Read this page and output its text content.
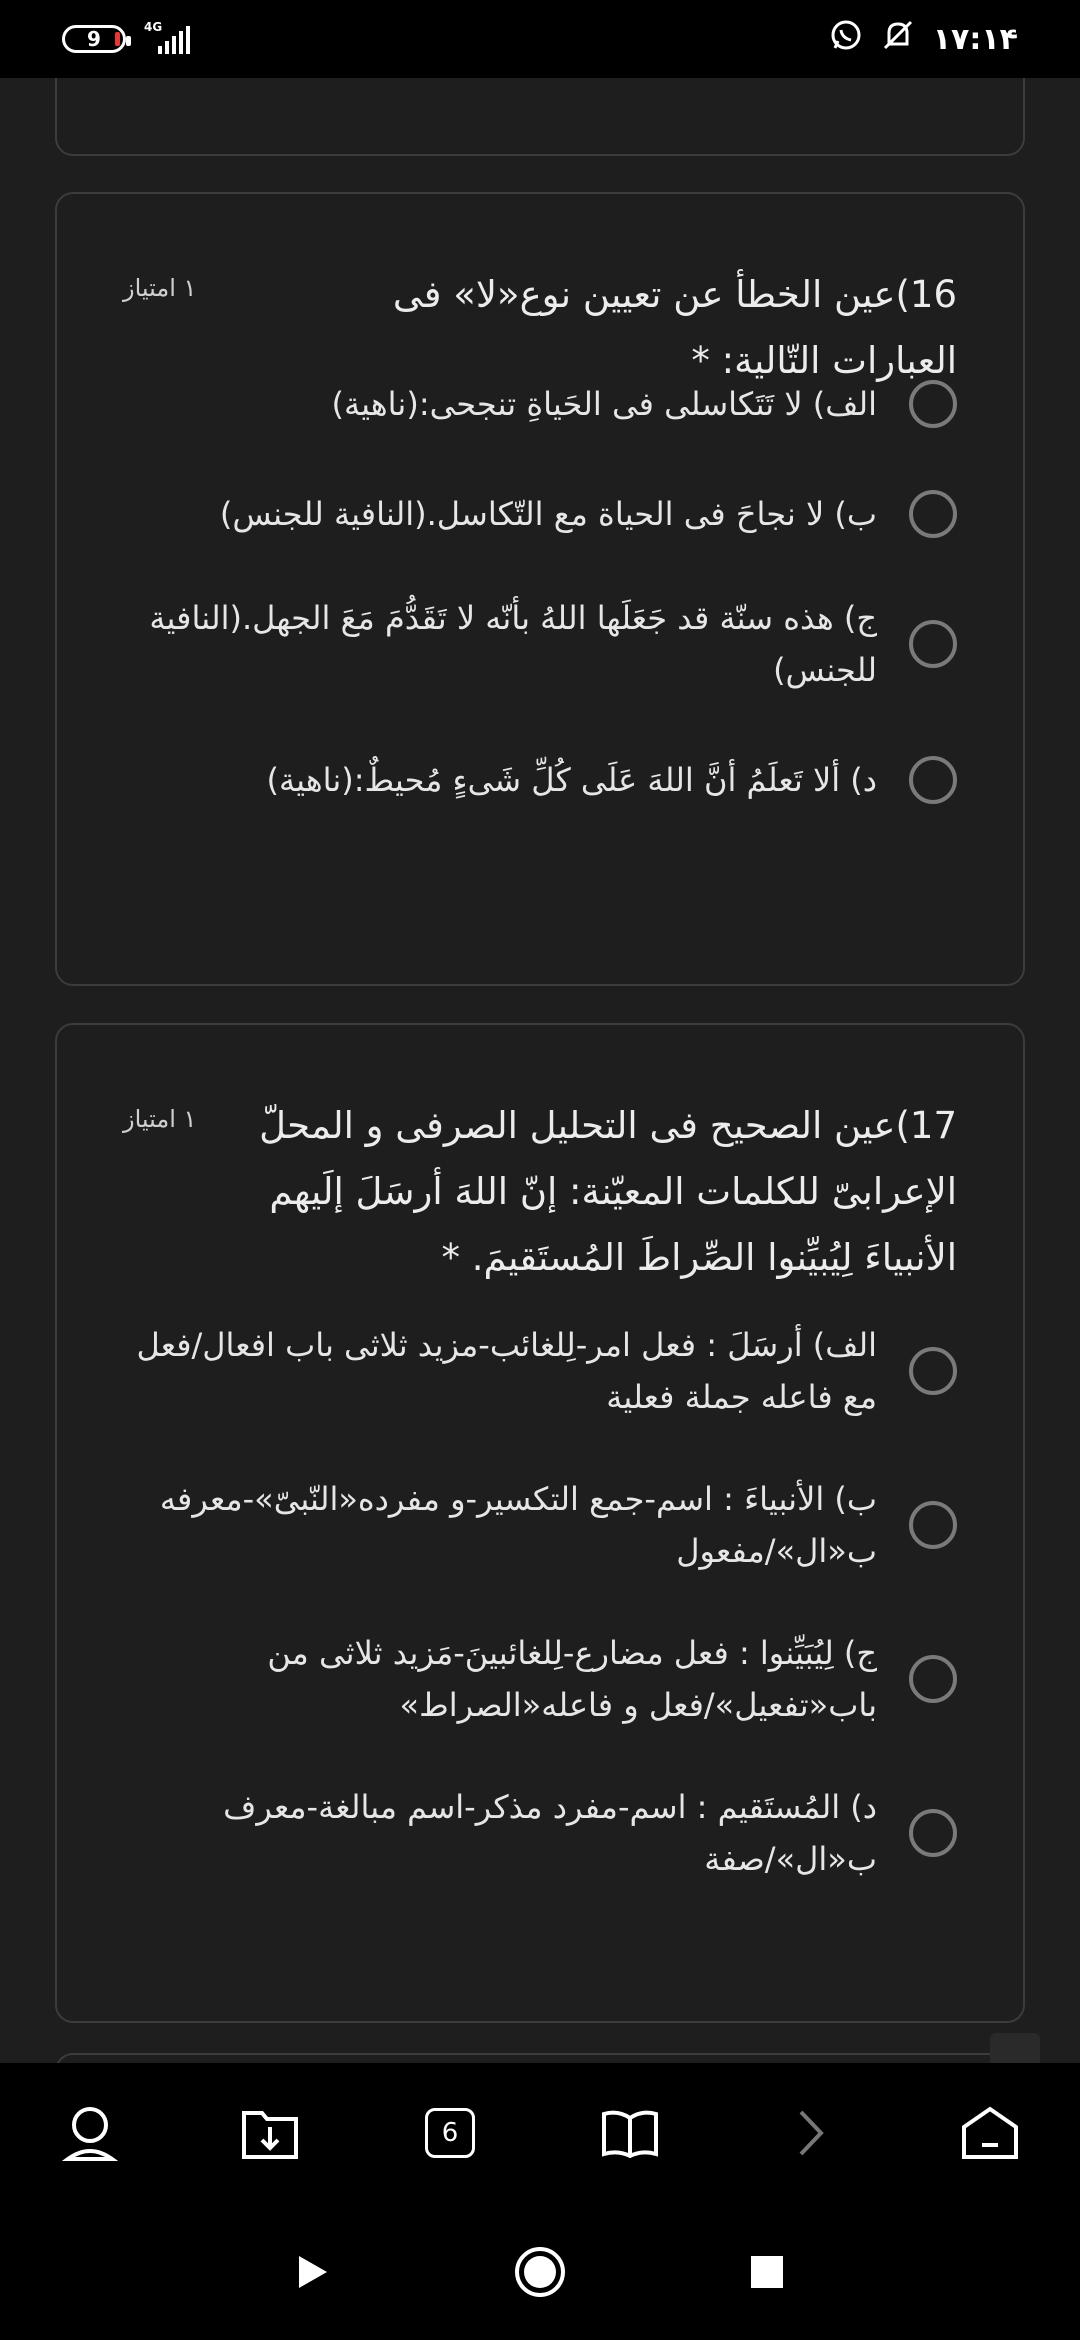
9	4G	۱۷:۱۴
16)عین الخطأ عن تعیین نوع«لا» فی العبارات التّالیة: *
۱ امتیاز
الف) لا تَتَکاسلی فی الحَیاةِ تنجحی:(ناهیة)
ب) لا نجاحَ فی الحیاة مع التّکاسل.(النافیة للجنس)
ج) هذه سنّة قد جَعَلَها اللهُ بأنّه لا تَقَدُّمَ مَعَ الجهل.(النافیة للجنس)
د) ألا تَعلَمُ أنَّ اللهَ عَلَی کُلِّ شَیءٍ مُحیطٌ:(ناهیة)
17)عین الصحیح فی التحلیل الصرفی و المحلّ الإعرابیّ للکلمات المعیّنة: إنّ اللهَ أرسَلَ إلَیهم الأنبیاءَ لِیُبیِّنوا الصِّراطَ المُستَقیمَ. *
۱ امتیاز
الف) أرسَلَ : فعل امر-لِلغائب-مزید ثلاثی باب افعال/فعل مع فاعله جملة فعلیة
ب) الأنبیاءَ : اسم-جمع التکسیر-و مفرده«النّبیّ»-معرفه ب«ال»/مفعول
ج) لِیُبَیِّنوا : فعل مضارع-لِلغائبینَ-مَزید ثلاثی من باب«تفعیل»/فعل و فاعله«الصراط»
د) المُستَقیم : اسم-مفرد مذکر-اسم مبالغة-معرف ب«ال»/صفة
6
